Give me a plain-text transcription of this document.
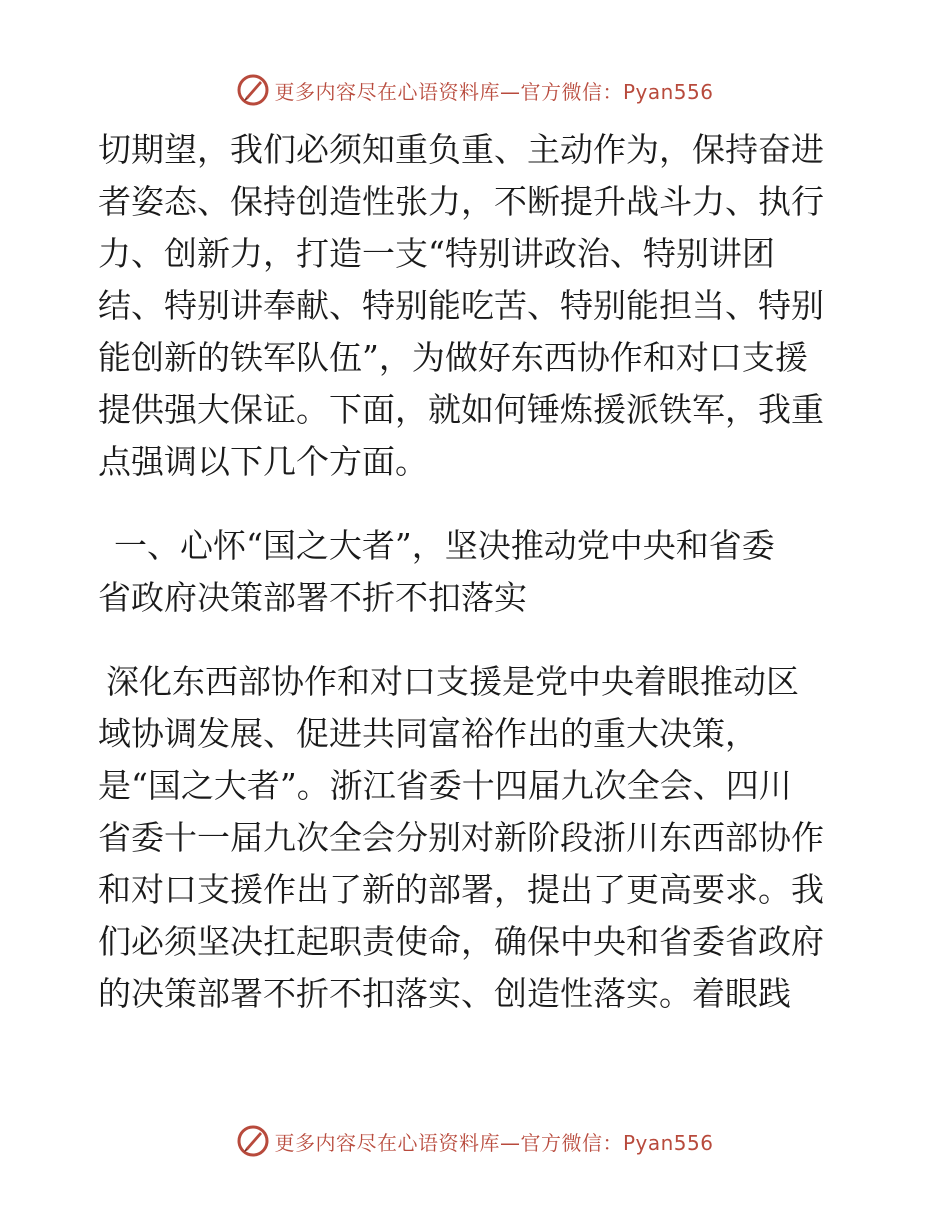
更多内容尽在心语资料库—官方微信：Pyan556
切期望，我们必须知重负重、主动作为，保持奋进
者姿态、保持创造性张力，不断提升战斗力、执行
力、创新力，打造一支“特别讲政治、特别讲团
结、特别讲奉献、特别能吃苦、特别能担当、特别
能创新的铁军队伍”，为做好东西协作和对口支援
提供强大保证。下面，就如何锤炼援派铁军，我重
点强调以下几个方面。
一、心怀“国之大者”，坚决推动党中央和省委
省政府决策部署不折不扣落实
深化东西部协作和对口支援是党中央着眼推动区
域协调发展、促进共同富裕作出的重大决策，
是“国之大者”。浙江省委十四届九次全会、四川
省委十一届九次全会分别对新阶段浙川东西部协作
和对口支援作出了新的部署，提出了更高要求。我
们必须坚决扛起职责使命，确保中央和省委省政府
的决策部署不折不扣落实、创造性落实。着眼践
更多内容尽在心语资料库—官方微信：Pyan556
